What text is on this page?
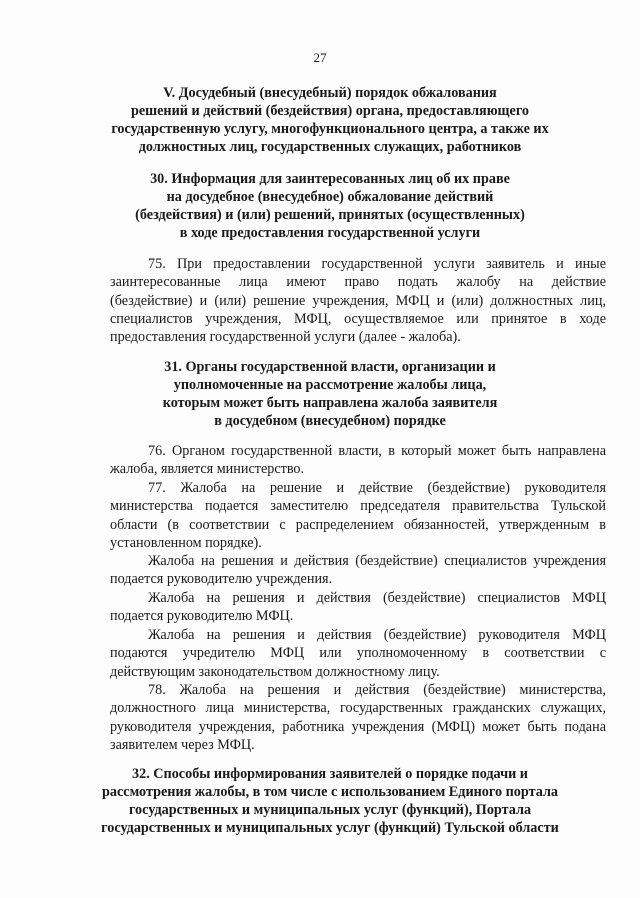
27
V. Досудебный (внесудебный) порядок обжалования
решений и действий (бездействия) органа, предоставляющего
государственную услугу, многофункционального центра, а также их
должностных лиц, государственных служащих, работников
30. Информация для заинтересованных лиц об их праве
на досудебное (внесудебное) обжалование действий
(бездействия) и (или) решений, принятых (осуществленных)
в ходе предоставления государственной услуги
75. При предоставлении государственной услуги заявитель и иные
заинтересованные лица имеют право подать жалобу на действие
(бездействие) и (или) решение учреждения, МФЦ и (или) должностных лиц,
специалистов учреждения, МФЦ, осуществляемое или принятое в ходе
предоставления государственной услуги (далее - жалоба).
31. Органы государственной власти, организации и
уполномоченные на рассмотрение жалобы лица,
которым может быть направлена жалоба заявителя
в досудебном (внесудебном) порядке
76. Органом государственной власти, в который может быть направлена
жалоба, является министерство.
77. Жалоба на решение и действие (бездействие) руководителя
министерства подается заместителю председателя правительства Тульской
области (в соответствии с распределением обязанностей, утвержденным в
установленном порядке).
Жалоба на решения и действия (бездействие) специалистов учреждения
подается руководителю учреждения.
Жалоба на решения и действия (бездействие) специалистов МФЦ
подается руководителю МФЦ.
Жалоба на решения и действия (бездействие) руководителя МФЦ
подаются учредителю МФЦ или уполномоченному в соответствии с
действующим законодательством должностному лицу.
78. Жалоба на решения и действия (бездействие) министерства,
должностного лица министерства, государственных гражданских служащих,
руководителя учреждения, работника учреждения (МФЦ) может быть подана
заявителем через МФЦ.
32. Способы информирования заявителей о порядке подачи и
рассмотрения жалобы, в том числе с использованием Единого портала
государственных и муниципальных услуг (функций), Портала
государственных и муниципальных услуг (функций) Тульской области
